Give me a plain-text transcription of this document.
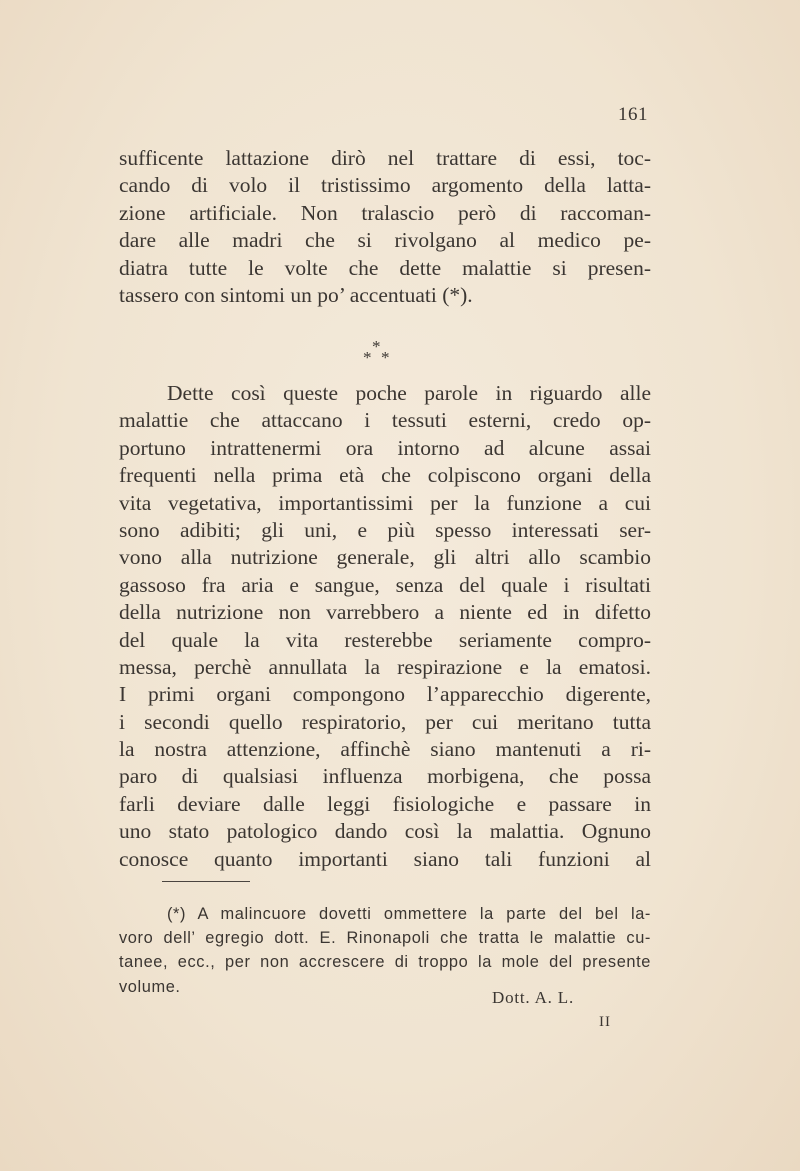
161
sufficente lattazione dirò nel trattare di essi, toc-
cando di volo il tristissimo argomento della latta-
zione artificiale. Non tralascio però di raccoman-
dare alle madri che si rivolgano al medico pe-
diatra tutte le volte che dette malattie si presen-
tassero con sintomi un po’ accentuati (*).
*
* *
Dette così queste poche parole in riguardo alle
malattie che attaccano i tessuti esterni, credo op-
portuno intrattenermi ora intorno ad alcune assai
frequenti nella prima età che colpiscono organi della
vita vegetativa, importantissimi per la funzione a cui
sono adibiti; gli uni, e più spesso interessati ser-
vono alla nutrizione generale, gli altri allo scambio
gassoso fra aria e sangue, senza del quale i risultati
della nutrizione non varrebbero a niente ed in difetto
del quale la vita resterebbe seriamente compro-
messa, perchè annullata la respirazione e la ematosi.
I primi organi compongono l’apparecchio digerente,
i secondi quello respiratorio, per cui meritano tutta
la nostra attenzione, affinchè siano mantenuti a ri-
paro di qualsiasi influenza morbigena, che possa
farli deviare dalle leggi fisiologiche e passare in
uno stato patologico dando così la malattia. Ognuno
conosce quanto importanti siano tali funzioni al
(*) A malincuore dovetti ommettere la parte del bel la-
voro dell’ egregio dott. E. Rinonapoli che tratta le malattie cu-
tanee, ecc., per non accrescere di troppo la mole del presente
volume.
Dott. A. L.
II
